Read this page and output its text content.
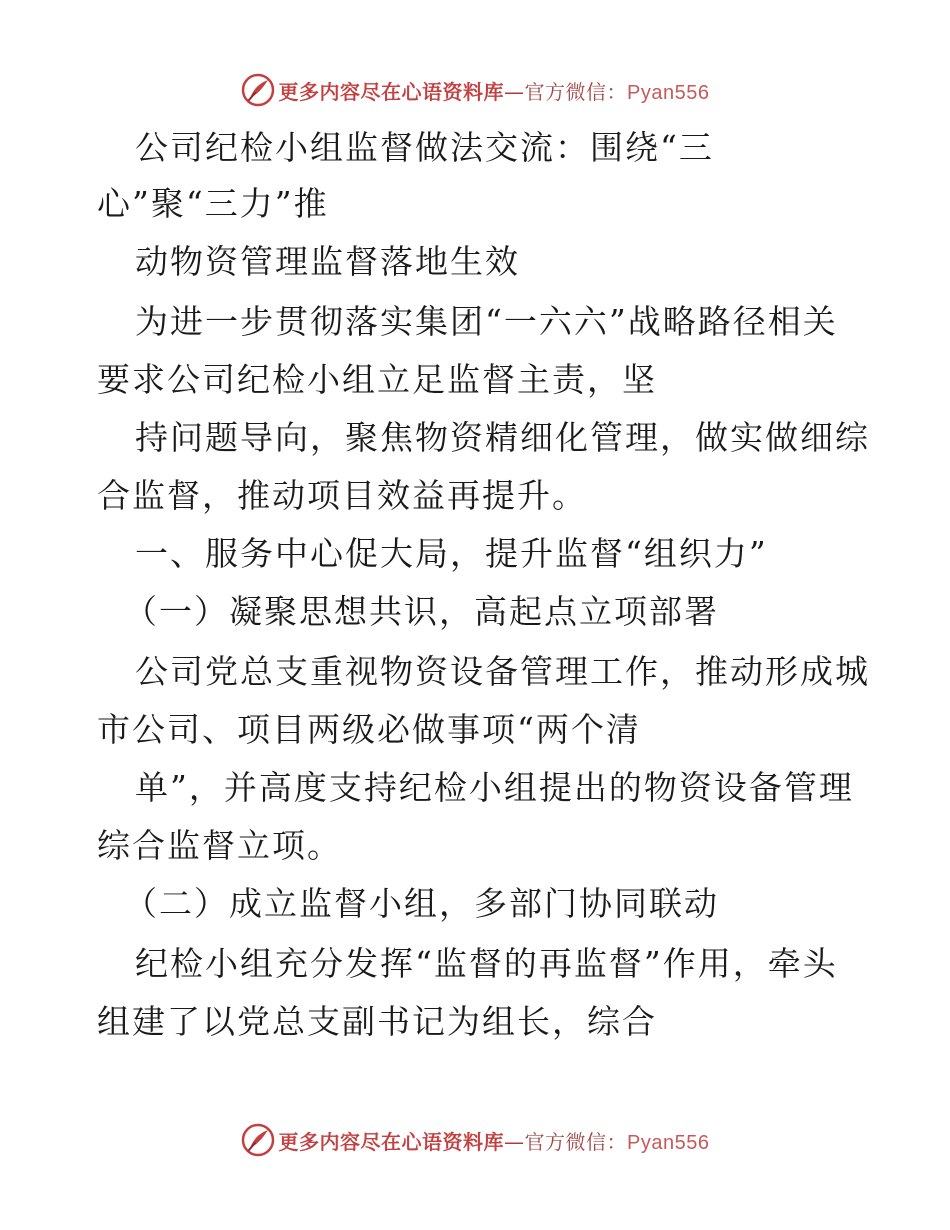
更多内容尽在心语资料库—官方微信：Pyan556
公司纪检小组监督做法交流：围绕“三
心”聚“三力”推
动物资管理监督落地生效
为进一步贯彻落实集团“一六六”战略路径相关
要求公司纪检小组立足监督主责，坚
持问题导向，聚焦物资精细化管理，做实做细综
合监督，推动项目效益再提升。
一、服务中心促大局，提升监督“组织力”
（一）凝聚思想共识，高起点立项部署
公司党总支重视物资设备管理工作，推动形成城
市公司、项目两级必做事项“两个清
单”，并高度支持纪检小组提出的物资设备管理
综合监督立项。
（二）成立监督小组，多部门协同联动
纪检小组充分发挥“监督的再监督”作用，牵头
组建了以党总支副书记为组长，综合
更多内容尽在心语资料库—官方微信：Pyan556
